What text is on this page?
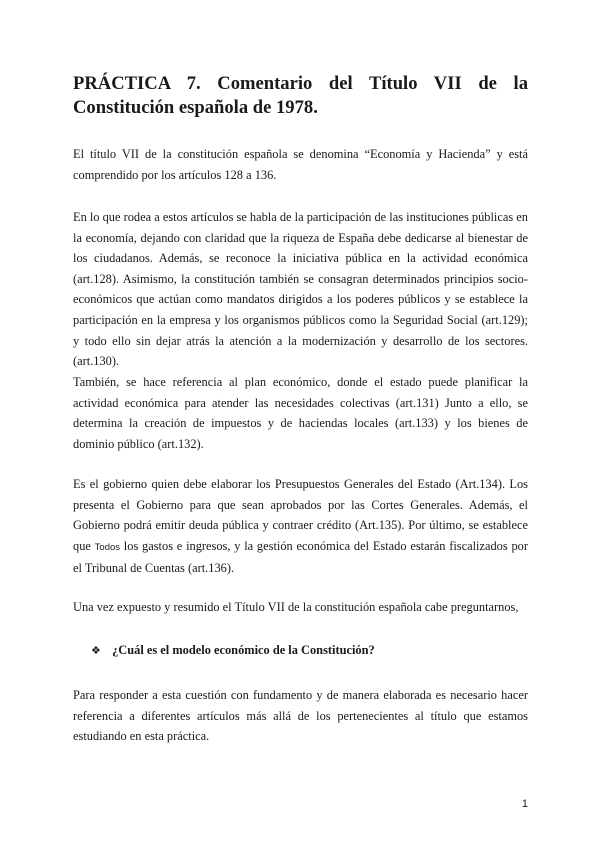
PRÁCTICA 7. Comentario del Título VII de la Constitución española de 1978.

El título VII de la constitución española se denomina “Economía y Hacienda” y está comprendido por los artículos 128 a 136.

En lo que rodea a estos artículos se habla de la participación de las instituciones públicas en la economía, dejando con claridad que la riqueza de España debe dedicarse al bienestar de los ciudadanos. Además, se reconoce la iniciativa pública en la actividad económica (art.128). Asimismo, la constitución también se consagran determinados principios socio-económicos que actúan como mandatos dirigidos a los poderes públicos y se establece la participación en la empresa y los organismos públicos como la Seguridad Social (art.129); y todo ello sin dejar atrás la atención a la modernización y desarrollo de los sectores. (art.130).

También, se hace referencia al plan económico, donde el estado puede planificar la actividad económica para atender las necesidades colectivas (art.131) Junto a ello, se determina la creación de impuestos y de haciendas locales (art.133) y los bienes de dominio público (art.132).

Es el gobierno quien debe elaborar los Presupuestos Generales del Estado (Art.134). Los presenta el Gobierno para que sean aprobados por las Cortes Generales. Además, el Gobierno podrá emitir deuda pública y contraer crédito (Art.135). Por último, se establece que Todos los gastos e ingresos, y la gestión económica del Estado estarán fiscalizados por el Tribunal de Cuentas (art.136).

Una vez expuesto y resumido el Título VII de la constitución española cabe preguntarnos,

❖ ¿Cuál es el modelo económico de la Constitución?

Para responder a esta cuestión con fundamento y de manera elaborada es necesario hacer referencia a diferentes artículos más allá de los pertenecientes al título que estamos estudiando en esta práctica.

1
